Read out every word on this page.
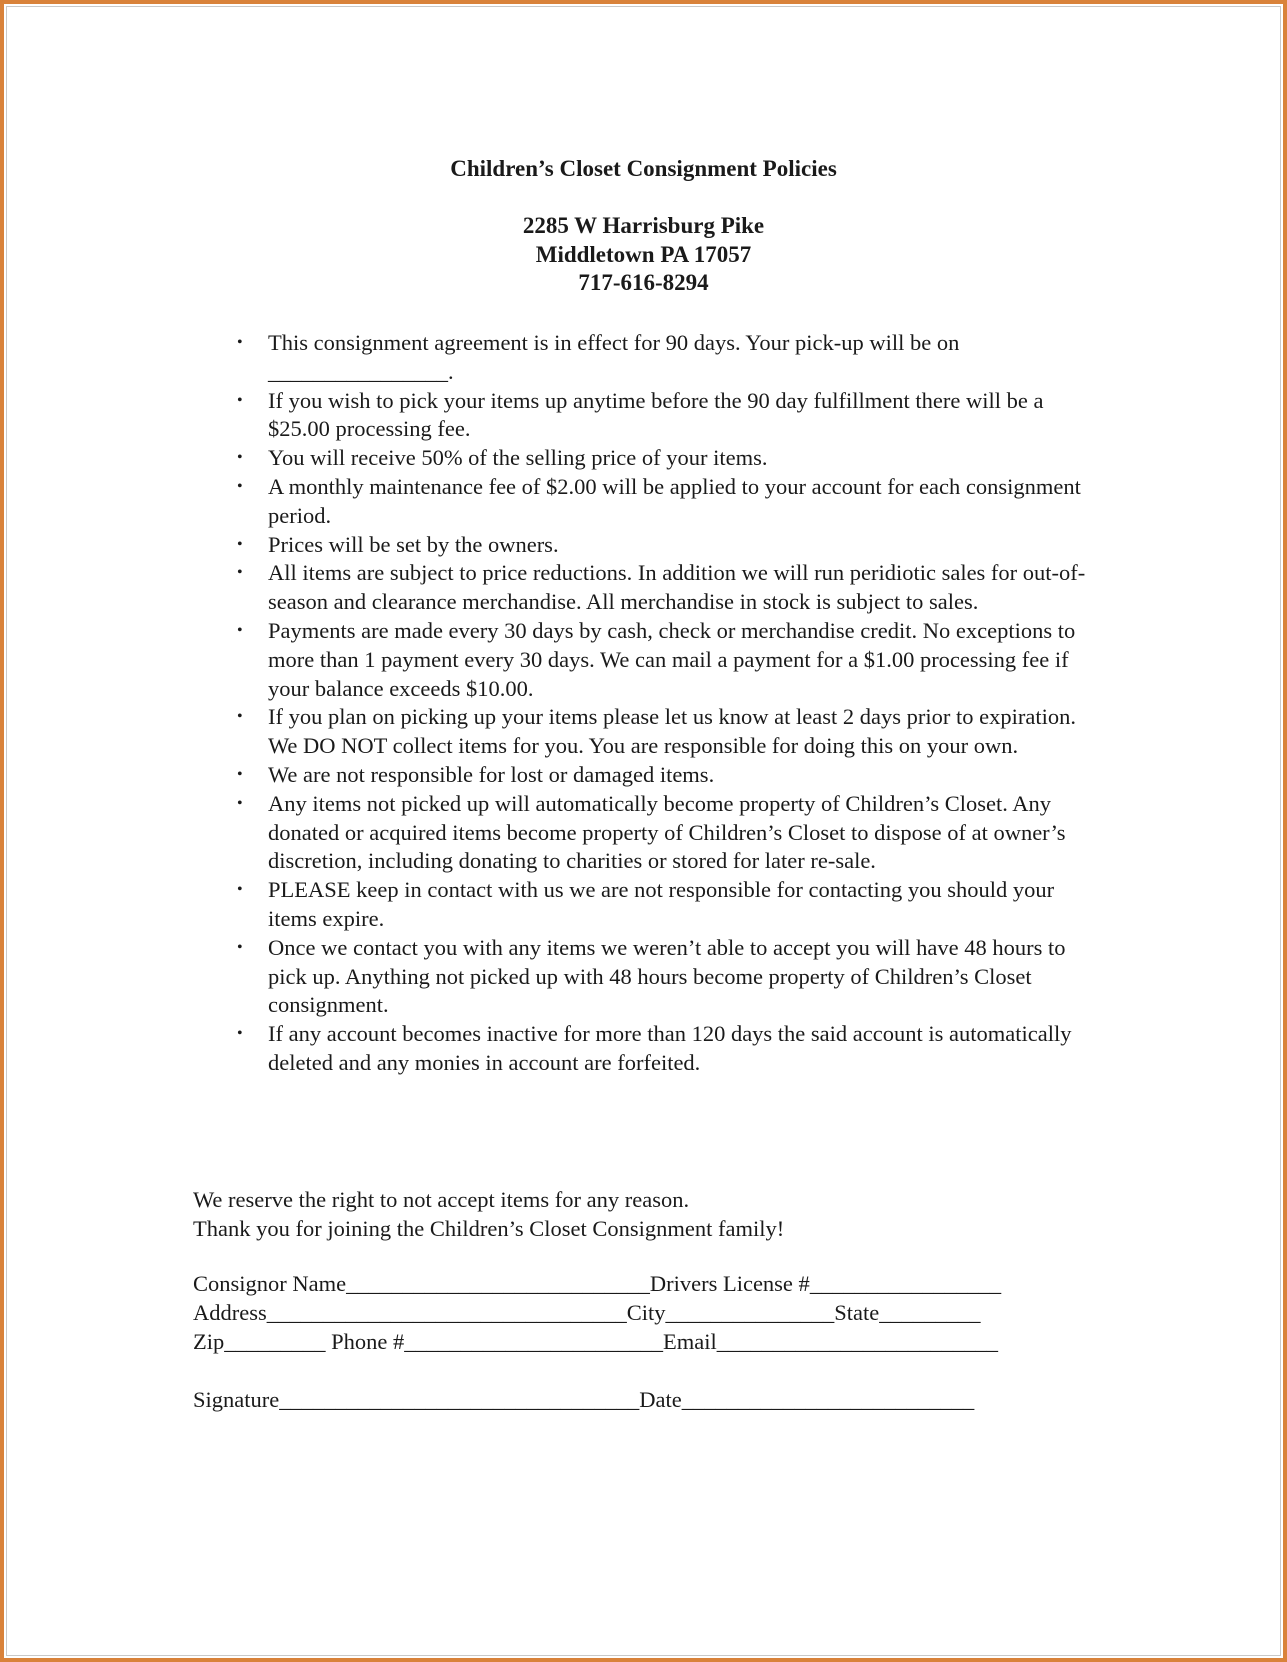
Children’s Closet Consignment Policies
2285 W Harrisburg Pike
Middletown PA 17057
717-616-8294
• This consignment agreement is in effect for 90 days. Your pick-up will be on ________________.
• If you wish to pick your items up anytime before the 90 day fulfillment there will be a $25.00 processing fee.
• You will receive 50% of the selling price of your items.
• A monthly maintenance fee of $2.00 will be applied to your account for each consignment period.
• Prices will be set by the owners.
• All items are subject to price reductions. In addition we will run peridiotic sales for out-of-season and clearance merchandise. All merchandise in stock is subject to sales.
• Payments are made every 30 days by cash, check or merchandise credit. No exceptions to more than 1 payment every 30 days. We can mail a payment for a $1.00 processing fee if your balance exceeds $10.00.
• If you plan on picking up your items please let us know at least 2 days prior to expiration. We DO NOT collect items for you. You are responsible for doing this on your own.
• We are not responsible for lost or damaged items.
• Any items not picked up will automatically become property of Children’s Closet. Any donated or acquired items become property of Children’s Closet to dispose of at owner’s discretion, including donating to charities or stored for later re-sale.
• PLEASE keep in contact with us we are not responsible for contacting you should your items expire.
• Once we contact you with any items we weren’t able to accept you will have 48 hours to pick up. Anything not picked up with 48 hours become property of Children’s Closet consignment.
• If any account becomes inactive for more than 120 days the said account is automatically deleted and any monies in account are forfeited.
We reserve the right to not accept items for any reason.
Thank you for joining the Children’s Closet Consignment family!
Consignor Name___________________________Drivers License #_________________
Address________________________________City_______________State_________
Zip_________ Phone #_______________________Email_________________________
Signature________________________________Date__________________________
